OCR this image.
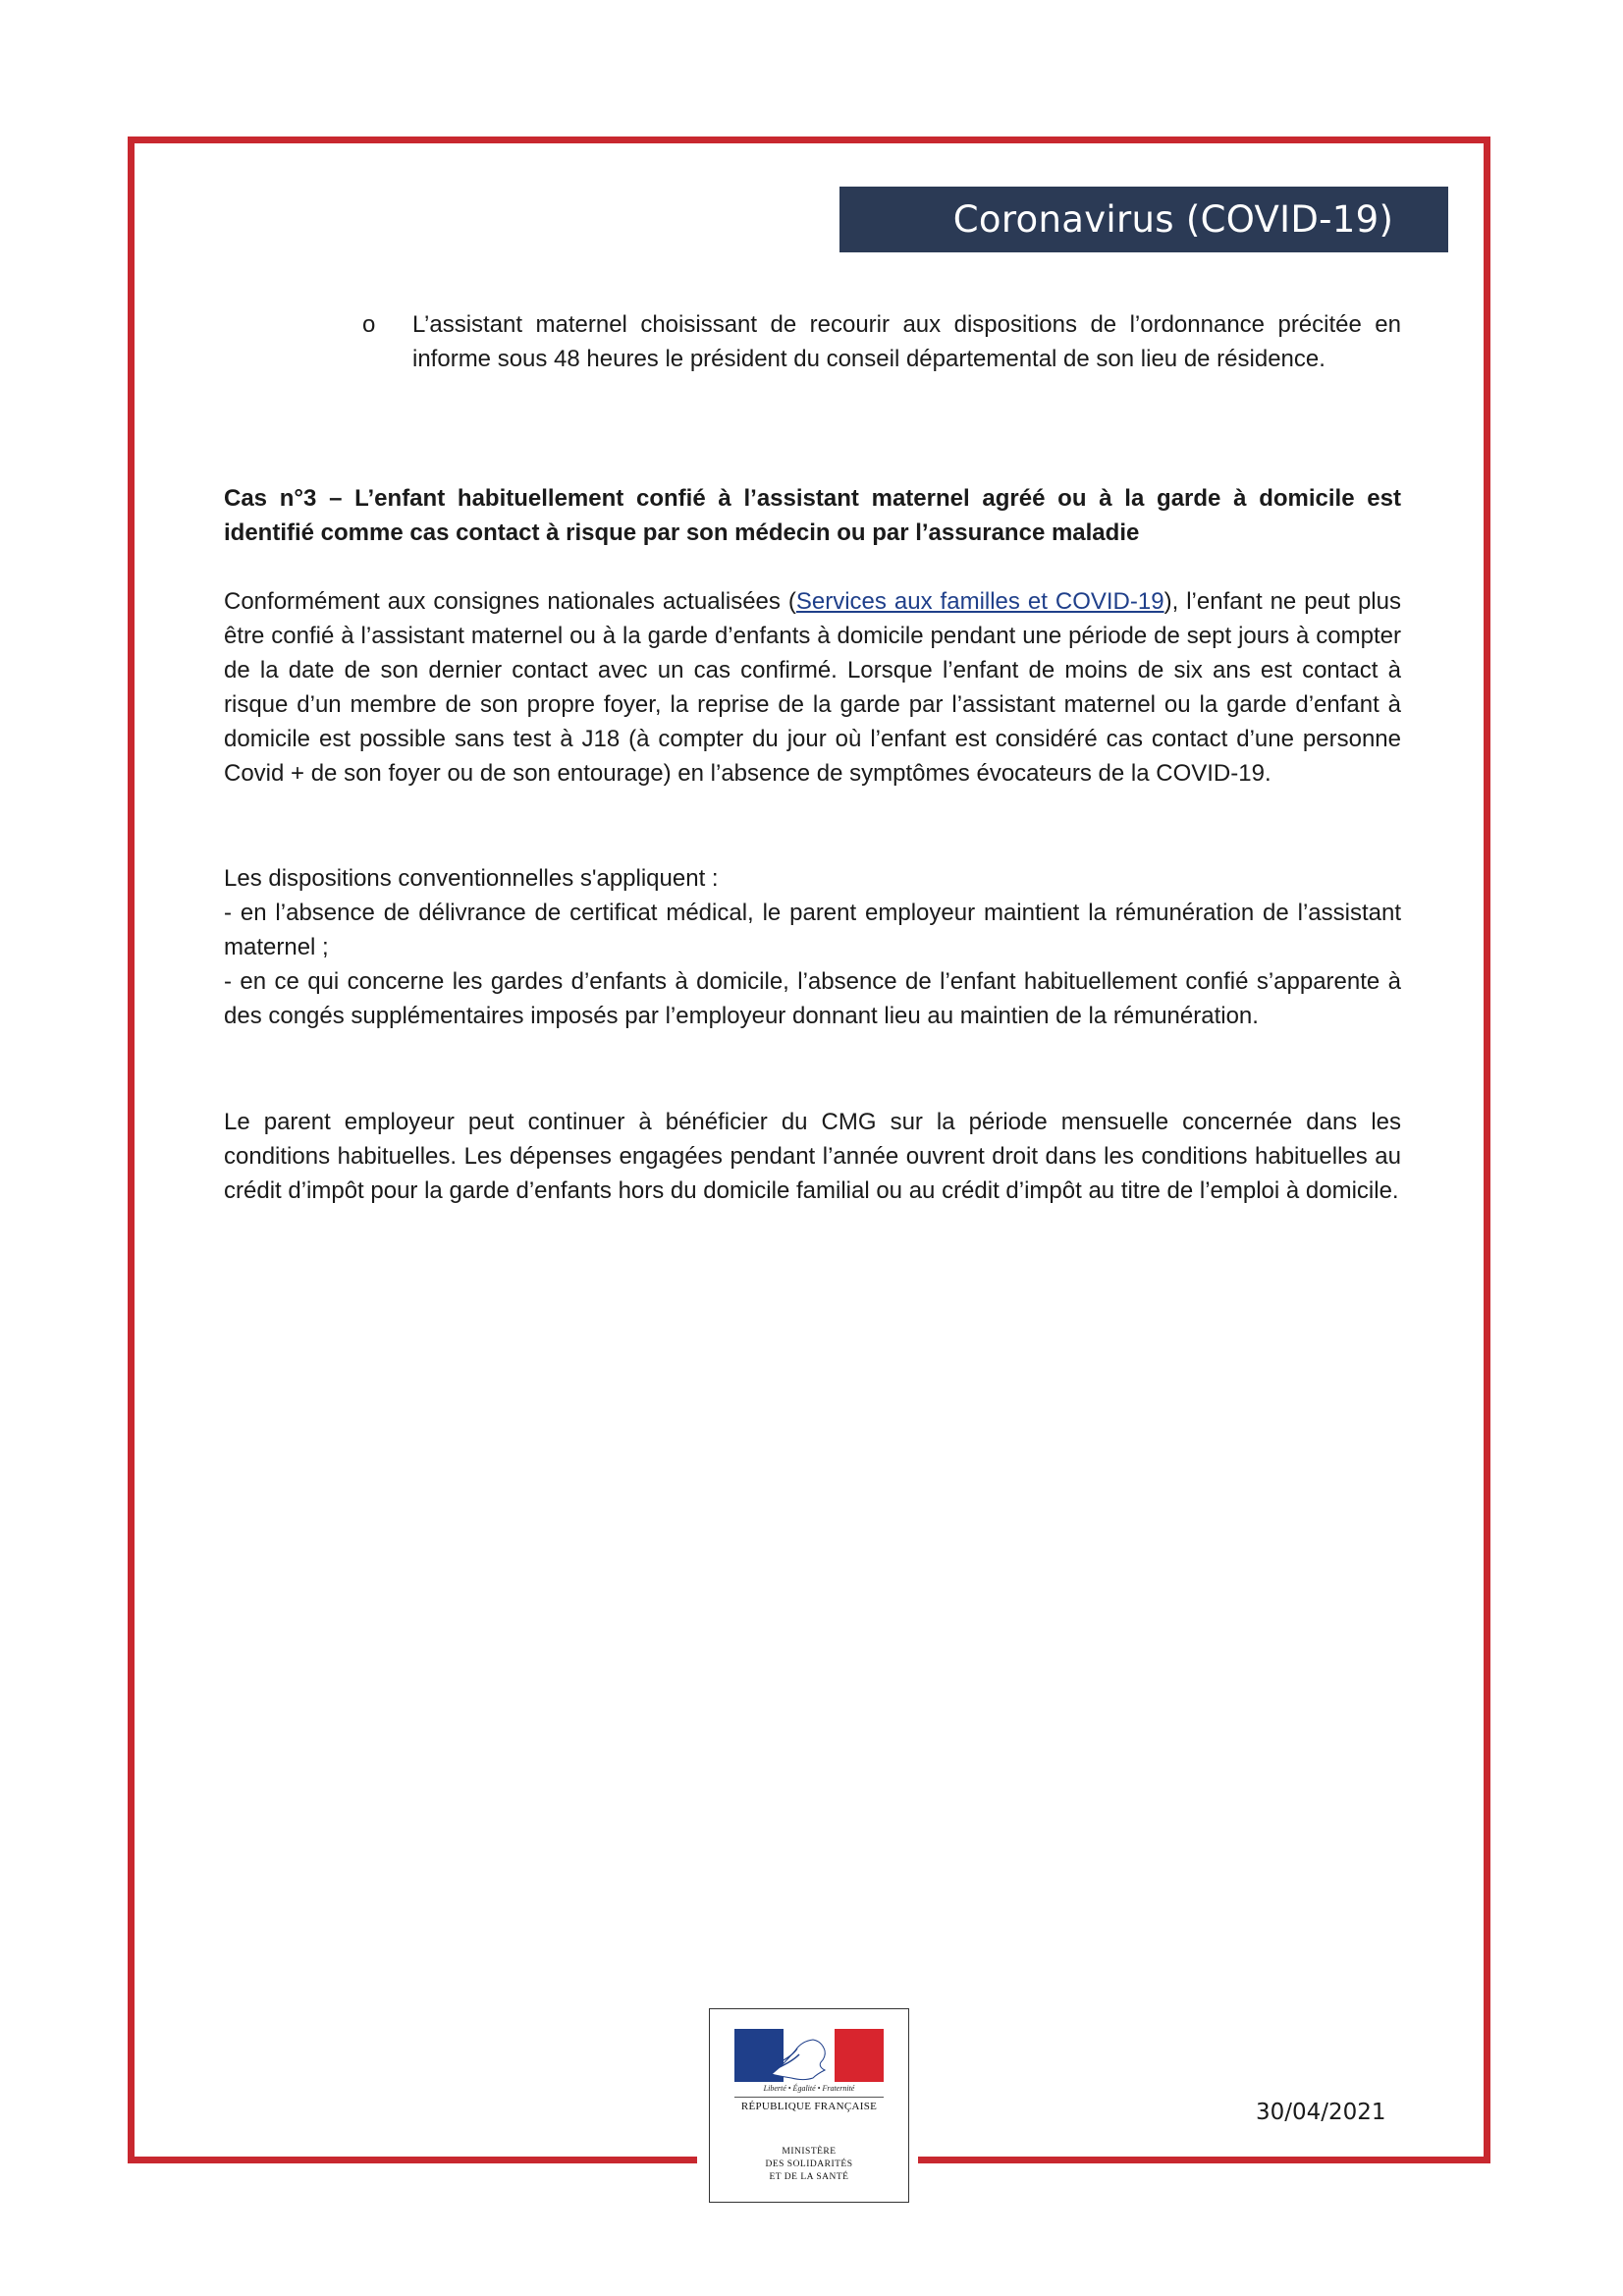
Coronavirus (COVID-19)
o L’assistant maternel choisissant de recourir aux dispositions de l’ordonnance précitée en informe sous 48 heures le président du conseil départemental de son lieu de résidence.
Cas n°3 – L’enfant habituellement confié à l’assistant maternel agréé ou à la garde à domicile est identifié comme cas contact à risque par son médecin ou par l’assurance maladie

Conformément aux consignes nationales actualisées (Services aux familles et COVID-19), l’enfant ne peut plus être confié à l’assistant maternel ou à la garde d’enfants à domicile pendant une période de sept jours à compter de la date de son dernier contact avec un cas confirmé. Lorsque l’enfant de moins de six ans est contact à risque d’un membre de son propre foyer, la reprise de la garde par l’assistant maternel ou la garde d’enfant à domicile est possible sans test à J18 (à compter du jour où l’enfant est considéré cas contact d’une personne Covid + de son foyer ou de son entourage) en l’absence de symptômes évocateurs de la COVID-19.

Les dispositions conventionnelles s'appliquent :

- en l’absence de délivrance de certificat médical, le parent employeur maintient la rémunération de l’assistant maternel ;

- en ce qui concerne les gardes d’enfants à domicile, l’absence de l’enfant habituellement confié s’apparente à des congés supplémentaires imposés par l’employeur donnant lieu au maintien de la rémunération.

Le parent employeur peut continuer à bénéficier du CMG sur la période mensuelle concernée dans les conditions habituelles. Les dépenses engagées pendant l’année ouvrent droit dans les conditions habituelles au crédit d’impôt pour la garde d’enfants hors du domicile familial ou au crédit d’impôt au titre de l’emploi à domicile.
Liberté • Égalité • Fraternité
RÉPUBLIQUE FRANÇAISE
MINISTÈRE
DES SOLIDARITÉS
ET DE LA SANTÉ
30/04/2021
